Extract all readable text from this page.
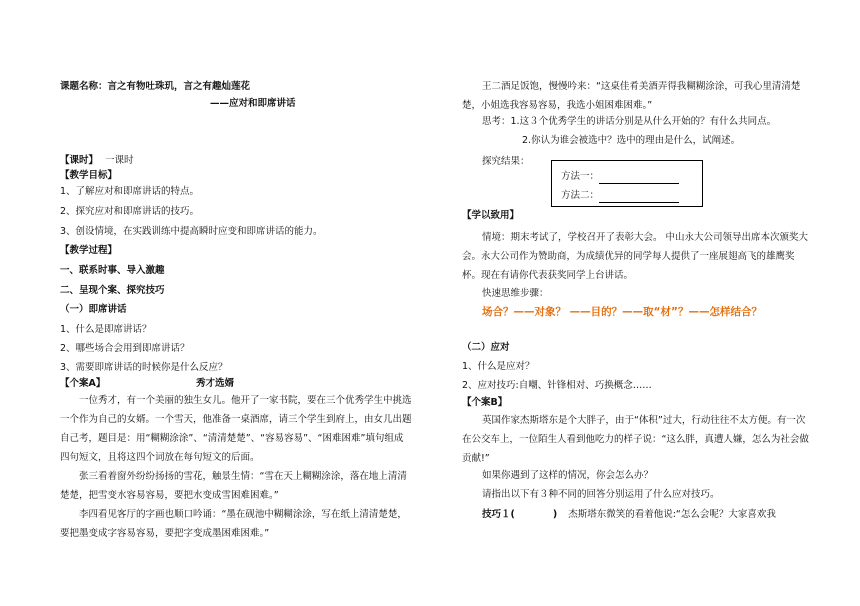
课题名称：言之有物吐珠玑，言之有趣灿莲花
——应对和即席讲话
【课时】 一课时
【教学目标】
1、了解应对和即席讲话的特点。
2、探究应对和即席讲话的技巧。
3、创设情境，在实践训练中提高瞬时应变和即席讲话的能力。
【教学过程】
一、联系时事、导入激趣
二、呈现个案、探究技巧
（一）即席讲话
1、什么是即席讲话？
2、哪些场合会用到即席讲话？
3、需要即席讲话的时候你是什么反应？
【个案A】	秀才选婿
一位秀才，有一个美丽的独生女儿。他开了一家书院，要在三个优秀学生中挑选一个作为自己的女婿。一个雪天，他准备一桌酒席，请三个学生到府上，由女儿出题自己考，题目是：用“糊糊涂涂”、“清清楚楚”、“容易容易”、“困难困难”填句组成四句短文，且将这四个词放在每句短文的后面。
张三看着窗外纷纷扬扬的雪花，触景生情：“雪在天上糊糊涂涂，落在地上清清楚楚，把雪变水容易容易，要把水变成雪困难困难。”
李四看见客厅的字画也顺口吟诵：“墨在砚池中糊糊涂涂，写在纸上清清楚楚，要把墨变成字容易容易，要把字变成墨困难困难。”
王二酒足饭饱，慢慢吟来：“这桌佳肴美酒弄得我糊糊涂涂，可我心里清清楚楚，小姐选我容易容易，我选小姐困难困难。”
思考：1.这３个优秀学生的讲话分别是从什么开始的？有什么共同点。
2.你认为谁会被选中？选中的理由是什么，试阐述。
探究结果：
方法一：
方法二：
【学以致用】
情境：期末考试了，学校召开了表彰大会。 中山永大公司领导出席本次颁奖大会。永大公司作为赞助商，为成绩优异的同学每人提供了一座展翅高飞的雄鹰奖杯。现在有请你代表获奖同学上台讲话。
快速思维步骤：
场合？——对象？ ——目的？——取“材”？——怎样结合？
（二）应对
1、什么是应对？
2、应对技巧:自嘲、针锋相对、巧换概念……
【个案B】
英国作家杰斯塔东是个大胖子，由于“体积”过大，行动往往不太方便。有一次在公交车上，一位陌生人看到他吃力的样子说：“这么胖，真遭人嫌，怎么为社会做贡献!”
如果你遇到了这样的情况，你会怎么办？
请指出以下有３种不同的回答分别运用了什么应对技巧。
技巧１(	) 杰斯塔东微笑的看着他说:“怎么会呢？大家喜欢我
